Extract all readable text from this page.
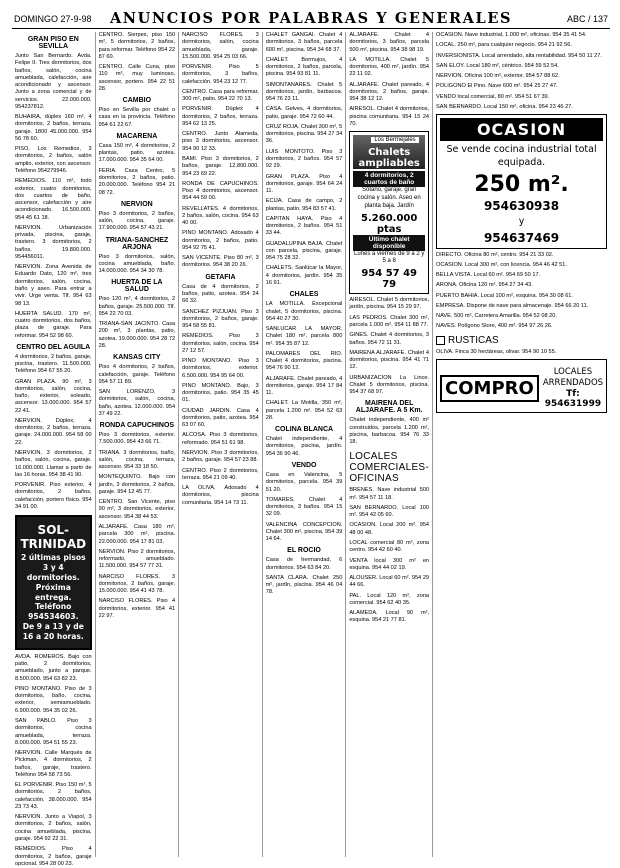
DOMINGO 27-9-98	ANUNCIOS POR PALABRAS Y GENERALES	ABC / 137
GRAN PISO EN SEVILLA
Junto San Bernardo. Avda. Felipe II. Tres dormitorios, dos baños, salón, cocina amueblada, calefacción, aire acondicionado y ascensor. Junto a zona comercial y de servicios. 22.000.000. 954237812.
BUHAIRA, dúplex 160 m², 4 dormitorios, 2 baños, terraza, garaje. 1800 45.000.000. 954 56 78 60.
PISO. Los Remedios, 3 dormitorios, 2 baños, salón amplio, exterior, con ascensor. Teléfono 954279946.
REMEDIOS. 110 m², todo exterior, cuatro dormitorios, dos cuartos de baño, ascensor, calefacción y aire acondicionado. 16.500.000. 954 45 61 18.
NERVION. Urbanización privada, piscina, garaje, trastero. 3 dormitorios, 2 baños. 19.800.000. 954456011.
NERVION. Zona Avenida de Eduardo Dato, 120 m², tres dormitorios, salón, cocina, baño y aseo. Para entrar a vivir. Urge venta. Tlf. 954 63 98 13.
HUERTA SALUD. 170 m², cuatro dormitorios, dos baños, plaza de garaje. Para reformar. 954 52 98 60.
CENTRO DEL AGUILA
4 dormitorios, 2 baños, garaje, piscina, trastero. 11.500.000. Teléfono 954 67 55 20.
GRAN PLAZA. 90 m², 3 dormitorios, salón, cocina, baño, exterior, soleado, ascensor. 13.000.000. 954 57 22 41.
NERVION. Dúplex, 4 dormitorios, 2 baños, terraza, garaje. 24.000.000. 954 58 00 22.
NERVION, 3 dormitorios, 2 baños, salón, cocina, garaje. 16.000.000. Llamar a partir de las 16 horas. 954 38 41 90.
PORVENIR. Piso exterior, 4 dormitorios, 2 baños, calefacción, portero físico. 954 34 91 00.
SOL-TRINIDAD
2 últimas pisos
3 y 4 dormitorios.
Próxima entrega.
Teléfono
954534603.
De 9 a 13 y de
16 a 20 horas.
AVDA. ROMEROS. Bajo con patio, 2 dormitorios, amueblado, junto a parque. 8.500.000. 954 63 82 23.
PINO MONTANO. Piso de 3 dormitorios, baño, cocina, exterior, semiamueblado. 6.900.000. 954 35 02 26.
SAN PABLO. Piso 3 dormitorios, cocina amueblada, terraza. 8.000.000. 954 51 55 23.
NERVION. Calle Marqués de Pickman, 4 dormitorios, 2 baños, garaje, trastero. Teléfono 954 58 73 56.
EL PORVENIR. Piso 150 m², 5 dormitorios, 2 baños, calefacción. 38.000.000. 954 23 73 43.
NERVION. Junto a Viapol, 3 dormitorios, 2 baños, salón, cocina amueblada, piscina, garaje. 954 92 22 31.
REMEDIOS. Piso 4 dormitorios, 2 baños, garaje opcional. 954 28 00 23.
CENTRO. Sierpes, piso 150 m², 5 dormitorios, 2 baños, para reformar. Teléfono 954 22 87 60.
CENTRO. Calle Cuna, piso 110 m², muy luminoso, ascensor, portero. 954 22 51 28.
CAMBIO
Piso en Sevilla por chalet o casa en la provincia. Teléfono 954 61 22 67.
MACARENA
Casa 150 m², 4 dormitorios, 2 plantas, patio, azotea. 17.000.000. 954 35 64 00.
FERIA. Casa Centro, 5 dormitorios, 2 baños, patio. 20.000.000. Teléfono 954 21 08 72.
NERVION
Piso 3 dormitorios, 2 baños, salón, cocina, garaje. 17.900.000. 954 57 43 21.
TRIANA-SANCHEZ ARJONA
Piso 3 dormitorios, salón, cocina amueblada, baño. 14.000.000. 954 34 30 78.
HUERTA DE LA SALUD
Piso 120 m², 4 dormitorios, 2 baños, garaje. 25.500.000. Tlf. 954 22 70 03.
TRIANA-SAN JACINTO. Casa 200 m², 3 plantas, patio, azotea. 19.000.000. 954 28 72 28.
KANSAS CITY
Piso 4 dormitorios, 2 baños, calefacción, garaje. Teléfono 954 57 11 89.
SAN LORENZO. 3 dormitorios, salón, cocina, baño, azotea. 12.000.000. 954 37 49 22.
RONDA CAPUCHINOS
Piso 3 dormitorios, exterior. 7.500.000. 954 43 66 71.
TRIANA. 3 dormitorios, baño, salón, cocina, terraza, ascensor. 954 33 18 50.
MONTEQUINTO. Bajo con jardín, 3 dormitorios, 2 baños, garaje. 954 12 45 77.
CENTRO. San Vicente, piso 90 m², 3 dormitorios, exterior, ascensor. 954 38 44 53.
ALJARAFE. Casa 180 m², parcela 300 m², piscina. 22.000.000. 954 17 81 03.
NERVION. Piso 2 dormitorios, reformado, amueblado. 11.500.000. 954 57 77 31.
NARCISO FLORES. 3 dormitorios, 2 baños, garaje. 15.000.000. 954 41 43 78.
NARCISO FLORES. Piso 4 dormitorios, exterior. 954 41 22 97.
NARCISO FLORES. 3 dormitorios, salón, cocina amueblada, garaje. 15.500.000. 954 25 03 66.
PORVENIR. Piso 5 dormitorios, 3 baños, calefacción. 954 23 12 77.
CENTRO. Casa para reformar, 300 m², patio. 954 22 70 13.
PORVENIR. Dúplex 4 dormitorios, 2 baños, terraza. 954 62 13 25.
CENTRO. Junto Alameda, piso 3 dormitorios, ascensor. 954 90 12 33.
BAMI. Piso 3 dormitorios, 2 baños, garaje. 12.800.000. 954 23 69 22.
RONDA DE CAPUCHINOS. Piso 4 dormitorios, ascensor. 954 44 59 00.
REVELLATES. 4 dormitorios, 2 baños, salón, cocina. 954 63 40 00.
PINO MONTANO. Adosado 4 dormitorios, 2 baños, patio. 954 92 75 41.
SAN VICENTE. Piso 80 m², 3 dormitorios. 954 38 20 26.
GETAFIA
Casa de 4 dormitorios, 2 baños, patio, azotea. 954 24 66 32.
SANCHEZ PIZJUAN. Piso 3 dormitorios, 2 baños, garaje. 954 58 55 81.
REMEDIOS. Piso 3 dormitorios, salón, cocina. 954 27 12 57.
PINO MONTANO. Piso 3 dormitorios, exterior. 6.500.000. 954 95 64 00.
PINO MONTANO. Bajo, 3 dormitorios, patio. 954 35 45 01.
CIUDAD JARDIN. Casa 4 dormitorios, patio, azotea. 954 63 07 60.
ALCOSA. Piso 3 dormitorios, reformado. 954 51 61 98.
NERVION. Piso 3 dormitorios, 2 baños, garaje. 954 57 23 88.
CENTRO. Piso 2 dormitorios, terraza. 954 21 09 40.
LA OLIVA. Adosado 4 dormitorios, piscina comunitaria. 954 14 73 11.
CHALET GANGAI. Chalet 4 dormitorios, 3 baños, parcela 600 m², piscina. 954 34 68 37.
CHALET. Bormujos, 4 dormitorios, 2 baños, parcela, piscina. 954 93 81 11.
SIMONTANARES. Chalet 5 dormitorios, jardín, barbacoa. 954 76 23 11.
CASA. Gelves, 4 dormitorios, patio, garaje. 954 72 60 44.
CRUZ ROJA. Chalet 300 m², 5 dormitorios, piscina. 954 27 34 36.
LUIS MONTOTO. Piso 3 dormitorios, 2 baños. 954 57 92 29.
GRAN PLAZA. Piso 4 dormitorios, garaje. 954 64 24 11.
ECIJA. Casa de campo, 2 plantas, patio. 954 83 57 41.
CAPITAN HAYA. Piso 4 dormitorios, 2 baños. 954 51 33 44.
GUADALUPINA BAJA. Chalet con parcela, piscina, garaje. 954 75 28 32.
CHALETS. Sanlúcar la Mayor, 4 dormitorios, jardín. 954 35 16 91.
CHALES
LA MOTILLA. Excepcional chalet, 5 dormitorios, piscina. 954 40 27 30.
SANLUCAR LA MAYOR. Chalet 180 m², parcela 800 m². 954 35 87 12.
PALOMARES DEL RIO. Chalet 4 dormitorios, piscina. 954 76 90 12.
ALJARAFE. Chalet pareado, 4 dormitorios, garaje. 954 17 84 11.
CHALET. La Motilla, 350 m², parcela 1.200 m². 954 52 63 28.
COLINA BLANCA
Chalet independiente, 4 dormitorios, piscina, jardín. 954 36 90 46.
VENDO
Casa en Valencina, 5 dormitorios, parcela. 954 39 51 20.
TOMARES. Chalet 4 dormitorios, 3 baños. 954 15 32 09.
VALENCINA CONCEPCION. Chalet 300 m², piscina. 954 39 14 64.
EL ROCIO
Casa de hermandad, 6 dormitorios. 954 63 84 20.
SANTA CLARA. Chalet 250 m², jardín, piscina. 954 46 04 78.
ALJARAFE. Chalet 4 dormitorios, 3 baños, parcela 500 m², piscina. 954 38 98 19.
LA MOTILLA. Chalet 5 dormitorios, 400 m², jardín. 954 22 11 02.
ALJARAFE. Chalet pareado, 4 dormitorios, 2 baños, garaje. 954 38 12 12.
AIRESOL. Chalet 4 dormitorios, piscina comunitaria. 954 15 24 70.
Los Bermejales
Chalets ampliables
4 dormitorios, 2 cuartos de baño
Sótano, garaje, gran cocina y salón. Aseo en planta baja. Jardín
5.260.000 ptas
Último chalet disponible
Lunes a viernes de 9 a 2 y 5 a 8
954 57 49 79
AIRESOL. Chalet 5 dormitorios, jardín, piscina. 954 15 29 97.
LAS PEDROS. Chalet 300 m², parcela 1.000 m². 954 11 88 77.
GINES. Chalet 4 dormitorios, 3 baños. 954 72 11 31.
MAIRENA ALJARAFE. Chalet 4 dormitorios, piscina. 954 41 71 12.
URBANIZACION La Lince. Chalet 5 dormitorios, piscina. 954 37 68 97.
MAIRENA DEL ALJARAFE. A 5 Km.
Chalet independiente, 400 m² construidos, parcela 1.200 m², piscina, barbacoa. 954 76 33 18.
LOCALES COMERCIALES-OFICINAS
BRENES. Nave industrial 500 m². 954 57 11 18.
SAN BERNARDO. Local 100 m². 954 42 05 60.
OCASION. Local 200 m². 954 48 00 48.
LOCAL comercial 80 m², zona centro. 954 42 60 40.
VENTA local 300 m² en esquina. 954 44 02 19.
ALOUSER. Local 60 m². 954 29 44 66.
PAL. Local 120 m², zona comercial. 954 62 40 35.
ALAMEDA. Local 90 m², esquina. 954 21 77 81.
OCASION. Nave industrial, 1.000 m², oficinas. 954 35 41 54.
LOCAL. 250 m², para cualquier negocio. 954 21 92 56.
INVERSIONISTA. Local arrendado, alta rentabilidad. 954 50 11 27.
SAN ELOY. Local 180 m², céntrico. 954 59 52 54.
NERVION. Oficina 100 m², exterior. 954 57 88 62.
POLIGONO El Pino. Nave 600 m². 954 25 27 47.
VENDO local comercial, 80 m². 954 51 67 39.
SAN BERNARDO. Local 150 m², oficina. 954 23 46 27.
OCASION
Se vende cocina industrial total equipada.
250 m².
954630938
y
954637469
DIRECTO. Oficina 80 m², centro. 954 21 33 02.
OCASION. Local 300 m², con licencia. 954 46 42 51.
BELLA VISTA. Local 60 m². 954 69 50 17.
ARONA. Oficina 120 m². 954 27 34 43.
PUERTO BAHIA. Local 100 m², esquina. 954 30 08 61.
EMPRESA. Dispone de nave para almacenaje. 954 66 20 11.
NAVE. 500 m², Carretera Amarilla. 954 52 08 20.
NAVES. Polígono Store, 400 m². 954 97 26 26.
RUSTICAS
OLIVA. Finca 30 hectáreas, olivar. 954 90 10 55.
COMPRO
LOCALES ARRENDADOS
Tf: 954631999
